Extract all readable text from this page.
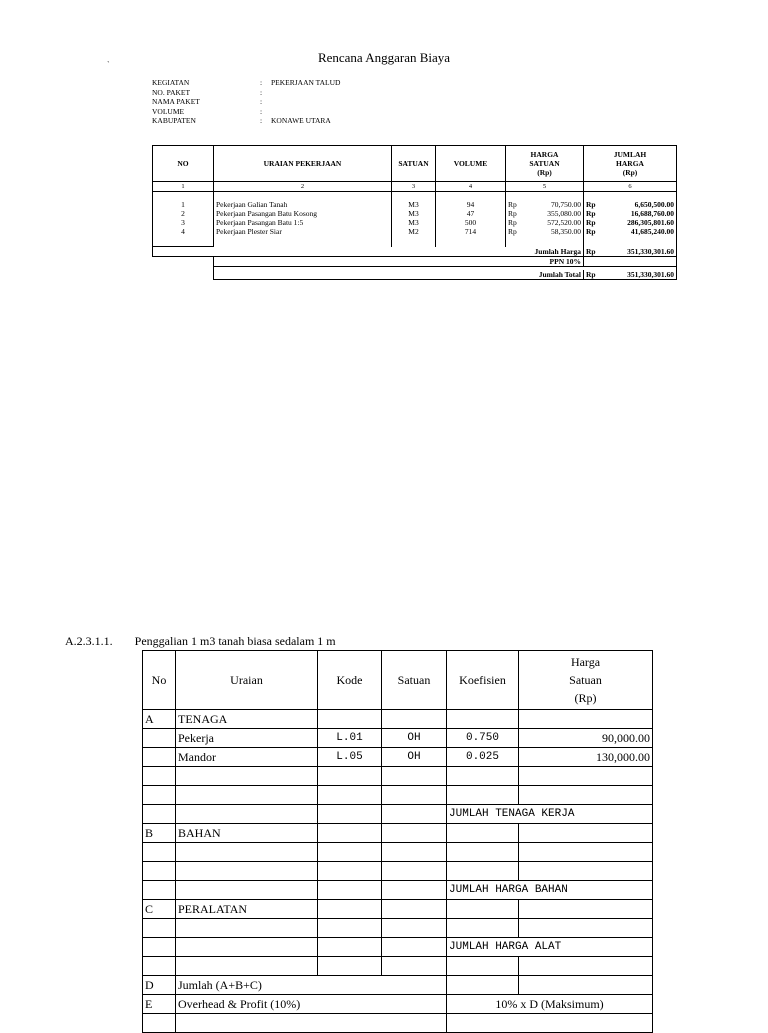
Rencana Anggaran Biaya
`
KEGIATAN	:	PEKERJAAN TALUD
NO. PAKET	:
NAMA PAKET	:
VOLUME	:
KABUPATEN	:	KONAWE UTARA
NO	URAIAN PEKERJAAN	SATUAN	VOLUME	HARGA
SATUAN
(Rp)	JUMLAH
HARGA
(Rp)
1	2	3	4	5	6

1	Pekerjaan Galian Tanah	M3	94	Rp 70,750.00	Rp 6,650,500.00

2	Pekerjaan Pasangan Batu Kosong	M3	47	Rp 355,080.00	Rp 16,688,760.00

3	Pekerjaan Pasangan Batu 1:5	M3	500	Rp 572,520.00	Rp 286,305,801.60

4	Pekerjaan Plester Siar	M2	714	Rp 58,350.00	Rp 41,685,240.00

	Jumlah Harga				Rp 351,330,301.60

	PPN 10%				

	Jumlah Total				Rp 351,330,301.60
A.2.3.1.1. Penggalian 1 m3 tanah biasa sedalam 1 m
No	Uraian	Kode	Satuan	Koefisien	Harga
Satuan
(Rp)
A	TENAGA				
	Pekerja	L.01	OH	0.750	90,000.00
	Mandor	L.05	OH	0.025	130,000.00

				JUMLAH TENAGA KERJA	
B	BAHAN				

				JUMLAH HARGA BAHAN	
C	PERALATAN				

				JUMLAH HARGA ALAT	

D	Jumlah (A+B+C)				
E	Overhead & Profit (10%)			10% x D (Maksimum)	
